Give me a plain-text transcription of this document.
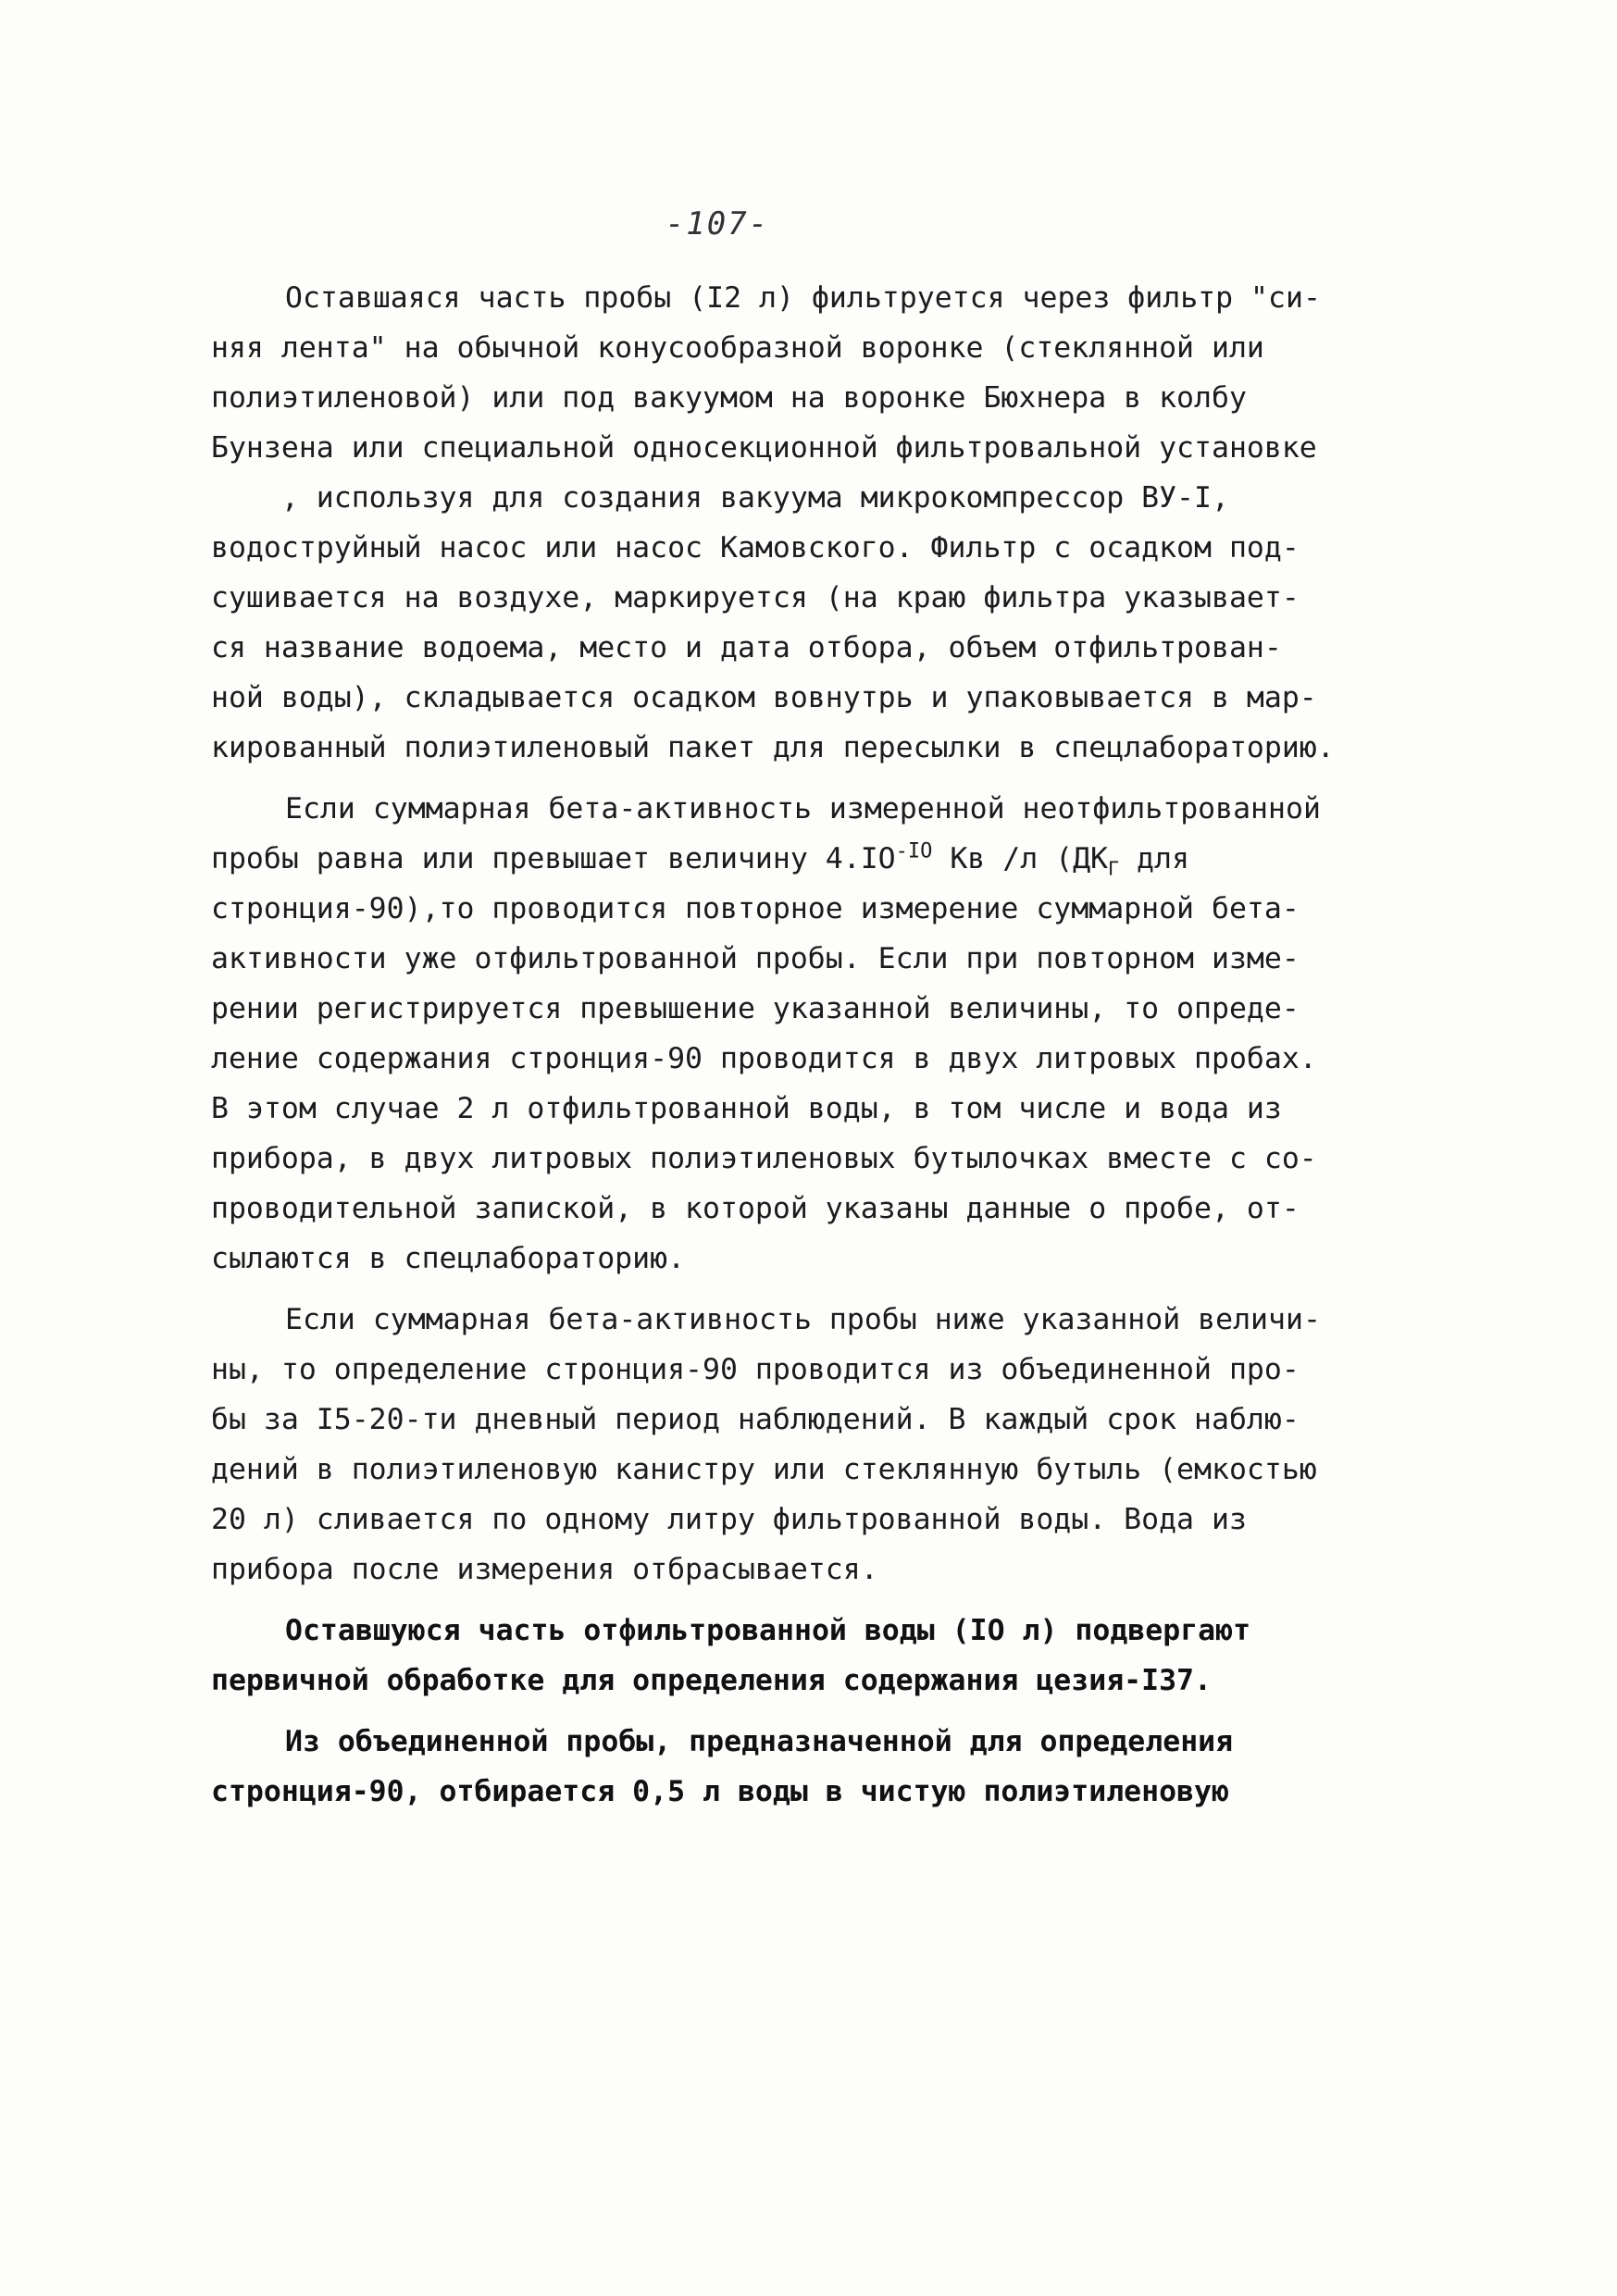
-107-
Оставшаяся часть пробы (I2 л) фильтруется через фильтр "си-
няя лента" на обычной конусообразной воронке (стеклянной или
полиэтиленовой) или под вакуумом на воронке Бюхнера в колбу
Бунзена или специальной односекционной фильтровальной установке
, используя для создания вакуума микрокомпрессор ВУ-I,
водоструйный насос или насос Камовского. Фильтр с осадком под-
сушивается на воздухе, маркируется (на краю фильтра указывает-
ся название водоема, место и дата отбора, объем отфильтрован-
ной воды), складывается осадком вовнутрь и упаковывается в мар-
кированный полиэтиленовый пакет для пересылки в спецлабораторию.
Если суммарная бета-активность измеренной неотфильтрованной
пробы равна или превышает величину $4.IO^{-IO}$ Кв /л ($ДК_Г$ для
стронция-90),то проводится повторное измерение суммарной бета-
активности уже отфильтрованной пробы. Если при повторном изме-
рении регистрируется превышение указанной величины, то опреде-
ление содержания стронция-90 проводится в двух литровых пробах.
В этом случае 2 л отфильтрованной воды, в том числе и вода из
прибора, в двух литровых полиэтиленовых бутылочках вместе с со-
проводительной запиской, в которой указаны данные о пробе, от-
сылаются в спецлабораторию.
Если суммарная бета-активность пробы ниже указанной величи-
ны, то определение стронция-90 проводится из объединенной про-
бы за I5-20-ти дневный период наблюдений. В каждый срок наблю-
дений в полиэтиленовую канистру или стеклянную бутыль (емкостью
20 л) сливается по одному литру фильтрованной воды. Вода из
прибора после измерения отбрасывается.
Оставшуюся часть отфильтрованной воды (IO л) подвергают
первичной обработке для определения содержания цезия-I37.
Из объединенной пробы, предназначенной для определения
стронция-90, отбирается 0,5 л воды в чистую полиэтиленовую
